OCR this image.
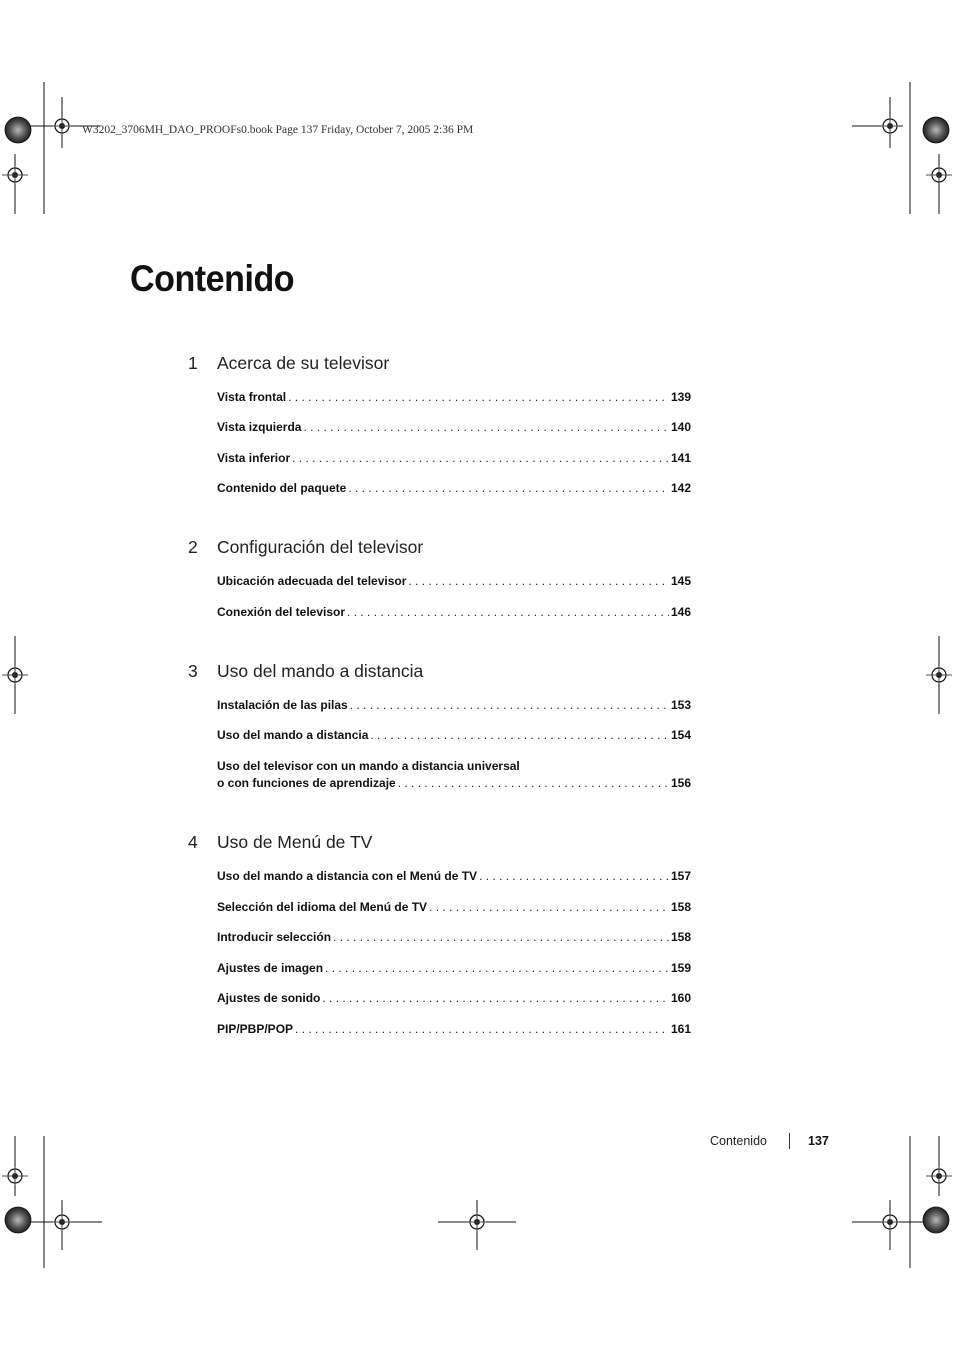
W3202_3706MH_DAO_PROOFs0.book Page 137 Friday, October 7, 2005 2:36 PM
Contenido
1 Acerca de su televisor
Vista frontal . . .	139
Vista izquierda . . .	140
Vista inferior . . .	141
Contenido del paquete . . .	142
2 Configuración del televisor
Ubicación adecuada del televisor . . .	145
Conexión del televisor . . .	146
3 Uso del mando a distancia
Instalación de las pilas . . .	153
Uso del mando a distancia . . .	154
Uso del televisor con un mando a distancia universal
o con funciones de aprendizaje . . .	156
4 Uso de Menú de TV
Uso del mando a distancia con el Menú de TV . . .	157
Selección del idioma del Menú de TV . . .	158
Introducir selección . . .	158
Ajustes de imagen . . .	159
Ajustes de sonido . . .	160
PIP/PBP/POP . . .	161
Contenido	137
